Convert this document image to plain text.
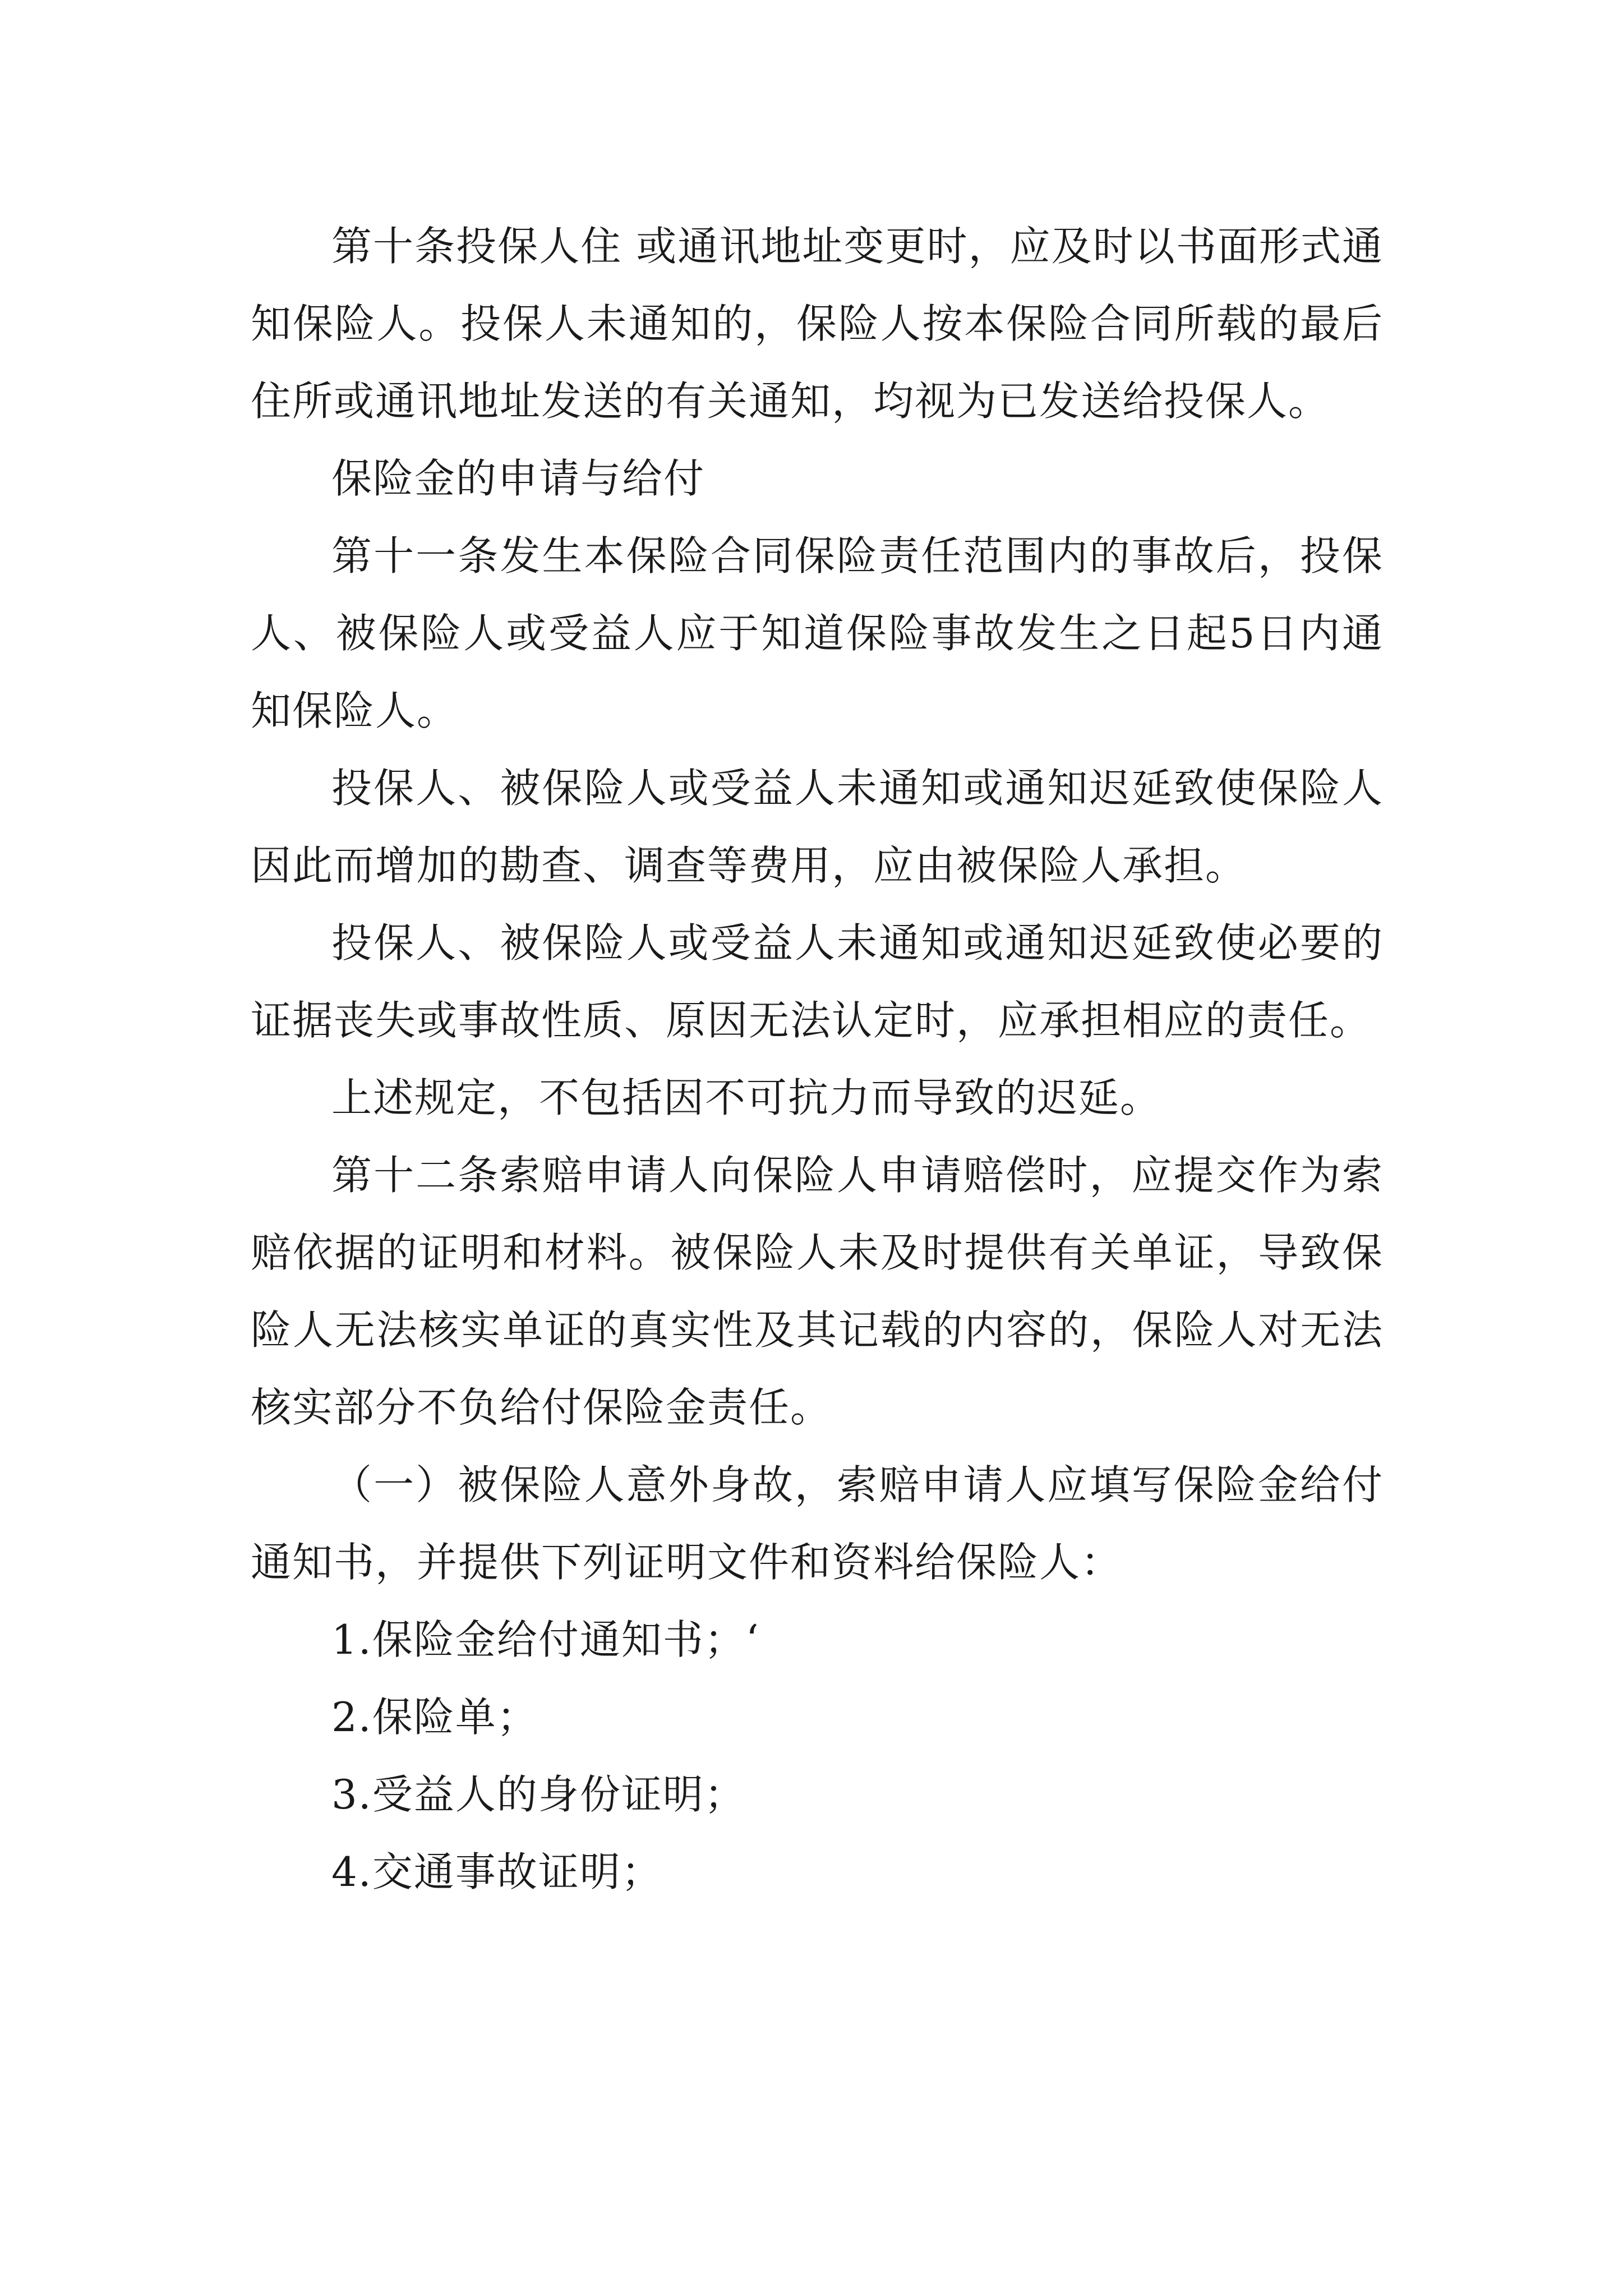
第十条投保人住 或通讯地址变更时，应及时以书面形式通知保险人。投保人未通知的，保险人按本保险合同所载的最后住所或通讯地址发送的有关通知，均视为已发送给投保人。

保险金的申请与给付

第十一条发生本保险合同保险责任范围内的事故后，投保人、被保险人或受益人应于知道保险事故发生之日起5日内通知保险人。

投保人、被保险人或受益人未通知或通知迟延致使保险人因此而增加的勘查、调查等费用，应由被保险人承担。

投保人、被保险人或受益人未通知或通知迟延致使必要的证据丧失或事故性质、原因无法认定时，应承担相应的责任。

上述规定，不包括因不可抗力而导致的迟延。

第十二条索赔申请人向保险人申请赔偿时，应提交作为索赔依据的证明和材料。被保险人未及时提供有关单证，导致保险人无法核实单证的真实性及其记载的内容的，保险人对无法核实部分不负给付保险金责任。

（一）被保险人意外身故，索赔申请人应填写保险金给付通知书，并提供下列证明文件和资料给保险人：

1.保险金给付通知书；‘

2.保险单；

3.受益人的身份证明；

4.交通事故证明；
